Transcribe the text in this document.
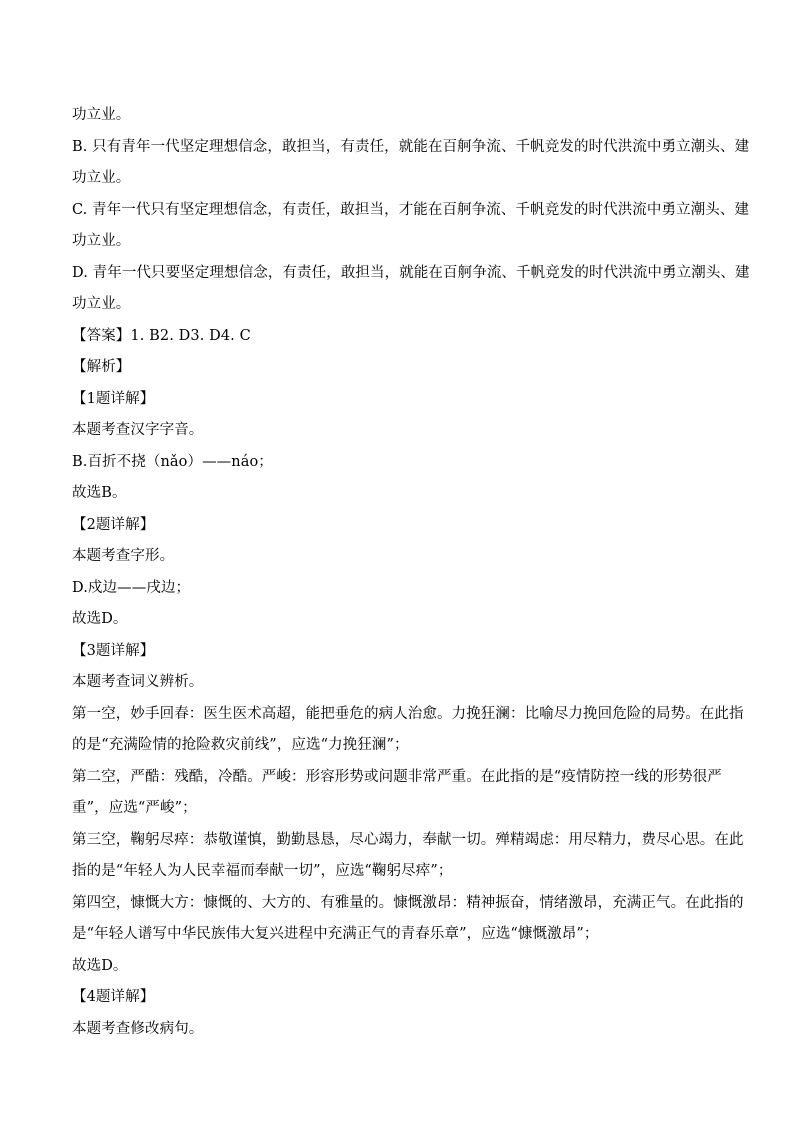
功立业。
B. 只有青年一代坚定理想信念，敢担当，有责任，就能在百舸争流、千帆竞发的时代洪流中勇立潮头、建
功立业。
C. 青年一代只有坚定理想信念，有责任，敢担当，才能在百舸争流、千帆竞发的时代洪流中勇立潮头、建
功立业。
D. 青年一代只要坚定理想信念，有责任，敢担当，就能在百舸争流、千帆竞发的时代洪流中勇立潮头、建
功立业。
【答案】1. B2. D3. D4. C
【解析】
【1题详解】
本题考查汉字字音。
B.百折不挠（nǎo）——náo；
故选B。
【2题详解】
本题考查字形。
D.戍边——戌边；
故选D。
【3题详解】
本题考查词义辨析。
第一空，妙手回春：医生医术高超，能把垂危的病人治愈。力挽狂澜：比喻尽力挽回危险的局势。在此指
的是“充满险情的抢险救灾前线”，应选“力挽狂澜”；
第二空，严酷：残酷，冷酷。严峻：形容形势或问题非常严重。在此指的是“疫情防控一线的形势很严
重”，应选“严峻”；
第三空，鞠躬尽瘁：恭敬谨慎，勤勤恳恳，尽心竭力，奉献一切。殚精竭虑：用尽精力，费尽心思。在此
指的是“年轻人为人民幸福而奉献一切”，应选“鞠躬尽瘁”；
第四空，慷慨大方：慷慨的、大方的、有雅量的。慷慨激昂：精神振奋，情绪激昂，充满正气。在此指的
是“年轻人谱写中华民族伟大复兴进程中充满正气的青春乐章”，应选“慷慨激昂”；
故选D。
【4题详解】
本题考查修改病句。
